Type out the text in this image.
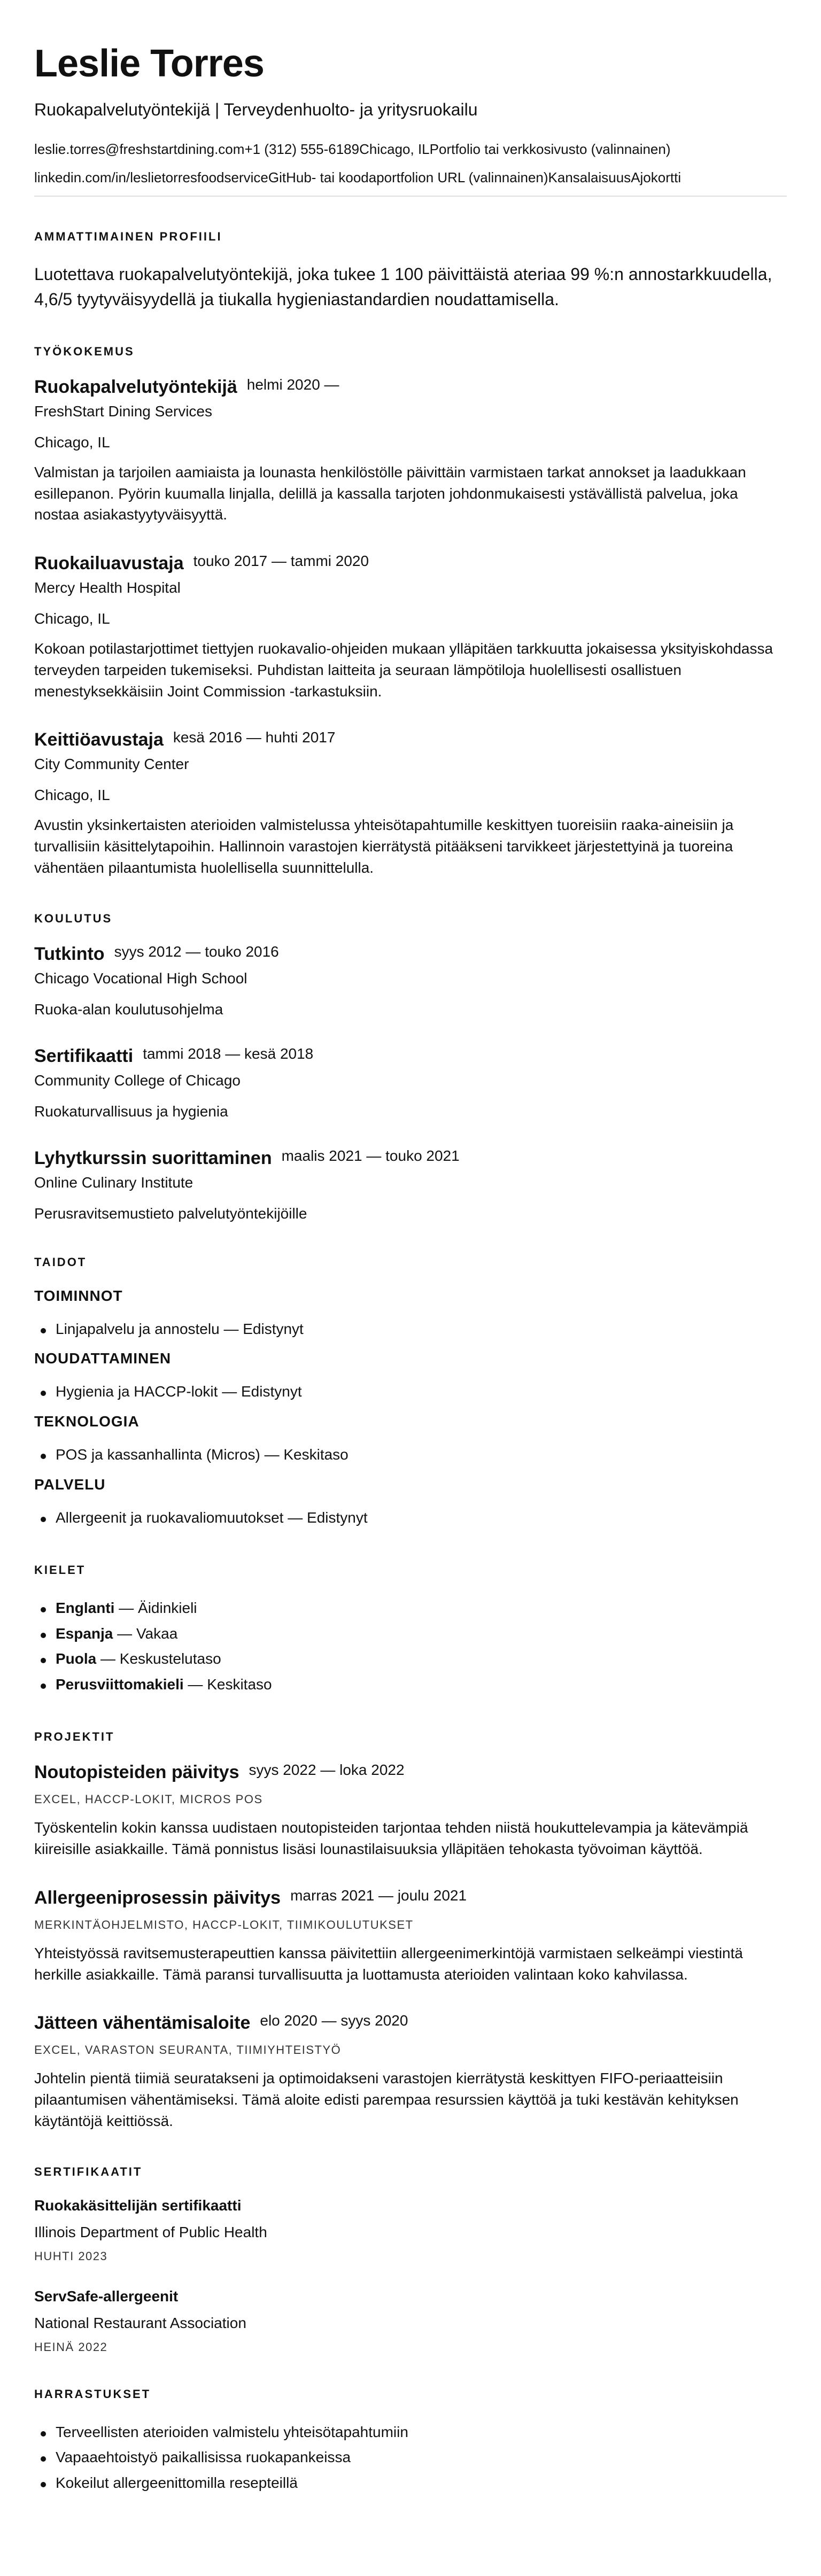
Leslie Torres
Ruokapalvelutyöntekijä | Terveydenhuolto- ja yritysruokailu
leslie.torres@freshstartdining.com+1 (312) 555-6189Chicago, ILPortfolio tai verkkosivusto (valinnainen)
linkedin.com/in/leslietorresfoodserviceGitHub- tai koodaportfolion URL (valinnainen)KansalaisuusAjokortti
AMMATTIMAINEN PROFIILI

Luotettava ruokapalvelutyöntekijä, joka tukee 1 100 päivittäistä ateriaa 99 %:n annostarkkuudella, 4,6/5 tyytyväisyydellä ja tiukalla hygieniastandardien noudattamisella.

TYÖKOKEMUS
Ruokapalvelutyöntekijä helmi 2020 —
FreshStart Dining Services
Chicago, IL

Valmistan ja tarjoilen aamiaista ja lounasta henkilöstölle päivittäin varmistaen tarkat annokset ja laadukkaan esillepanon. Pyörin kuumalla linjalla, delillä ja kassalla tarjoten johdonmukaisesti ystävällistä palvelua, joka nostaa asiakastyytyväisyyttä.

Ruokailuavustaja touko 2017 — tammi 2020
Mercy Health Hospital
Chicago, IL

Kokoan potilastarjottimet tiettyjen ruokavalio-ohjeiden mukaan ylläpitäen tarkkuutta jokaisessa yksityiskohdassa terveyden tarpeiden tukemiseksi. Puhdistan laitteita ja seuraan lämpötiloja huolellisesti osallistuen menestyksekkäisiin Joint Commission -tarkastuksiin.

Keittiöavustaja kesä 2016 — huhti 2017
City Community Center
Chicago, IL

Avustin yksinkertaisten aterioiden valmistelussa yhteisötapahtumille keskittyen tuoreisiin raaka-aineisiin ja turvallisiin käsittelytapoihin. Hallinnoin varastojen kierrätystä pitääkseni tarvikkeet järjestettyinä ja tuoreina vähentäen pilaantumista huolellisella suunnittelulla.

KOULUTUS
Tutkinto syys 2012 — touko 2016
Chicago Vocational High School
Ruoka-alan koulutusohjelma
Sertifikaatti tammi 2018 — kesä 2018
Community College of Chicago
Ruokaturvallisuus ja hygienia
Lyhytkurssin suorittaminen maalis 2021 — touko 2021
Online Culinary Institute
Perusravitsemustieto palvelutyöntekijöille
TAIDOT
TOIMINNOT
Linjapalvelu ja annostelu — Edistynyt
NOUDATTAMINEN
Hygienia ja HACCP-lokit — Edistynyt
TEKNOLOGIA
POS ja kassanhallinta (Micros) — Keskitaso
PALVELU
Allergeenit ja ruokavaliomuutokset — Edistynyt
KIELET
Englanti — Äidinkieli
Espanja — Vakaa
Puola — Keskustelutaso
Perusviittomakieli — Keskitaso
PROJEKTIT
Noutopisteiden päivitys syys 2022 — loka 2022
EXCEL, HACCP-LOKIT, MICROS POS

Työskentelin kokin kanssa uudistaen noutopisteiden tarjontaa tehden niistä houkuttelevampia ja kätevämpiä kiireisille asiakkaille. Tämä ponnistus lisäsi lounastilaisuuksia ylläpitäen tehokasta työvoiman käyttöä.

Allergeeniprosessin päivitys marras 2021 — joulu 2021
MERKINTÄOHJELMISTO, HACCP-LOKIT, TIIMIKOULUTUKSET

Yhteistyössä ravitsemusterapeuttien kanssa päivitettiin allergeenimerkintöjä varmistaen selkeämpi viestintä herkille asiakkaille. Tämä paransi turvallisuutta ja luottamusta aterioiden valintaan koko kahvilassa.

Jätteen vähentämisaloite elo 2020 — syys 2020
EXCEL, VARASTON SEURANTA, TIIMIYHTEISTYÖ

Johtelin pientä tiimiä seuratakseni ja optimoidakseni varastojen kierrätystä keskittyen FIFO-periaatteisiin pilaantumisen vähentämiseksi. Tämä aloite edisti parempaa resurssien käyttöä ja tuki kestävän kehityksen käytäntöjä keittiössä.

SERTIFIKAATIT
Ruokakäsittelijän sertifikaatti
Illinois Department of Public Health
HUHTI 2023
ServSafe-allergeenit
National Restaurant Association
HEINÄ 2022
HARRASTUKSET
Terveellisten aterioiden valmistelu yhteisötapahtumiin
Vapaaehtoistyö paikallisissa ruokapankeissa
Kokeilut allergeenittomilla resepteillä
